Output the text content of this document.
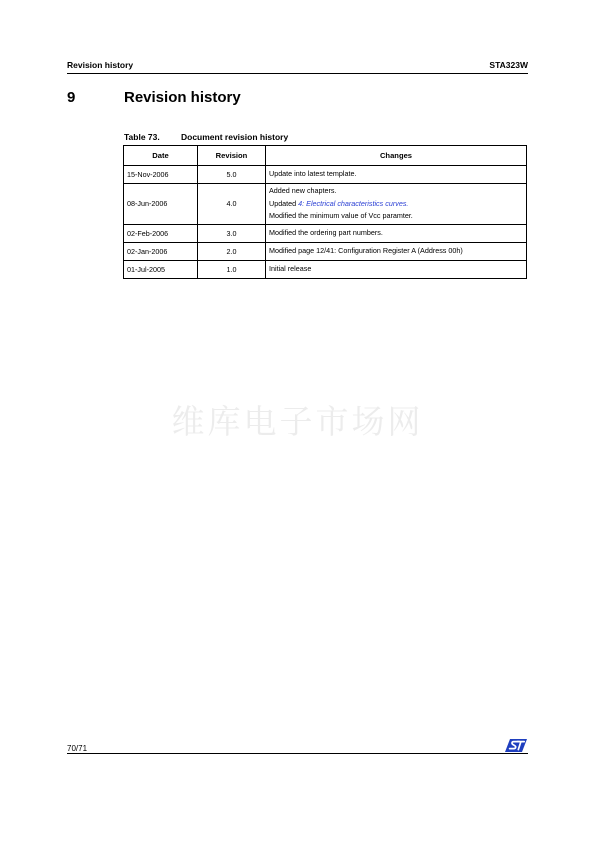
Revision history	STA323W
9	Revision history
Table 73.	Document revision history
Date	Revision	Changes
15-Nov-2006	5.0	Update into latest template.
08-Jun-2006	4.0	Added new chapters.
Updated 4: Electrical characteristics curves.
Modified the minimum value of Vcc paramter.

02-Feb-2006	3.0	Modified the ordering part numbers.
02-Jan-2006	2.0	Modified page 12/41: Configuration Register A (Address 00h)
01-Jul-2005	1.0	Initial release
维库电子市场网
70/71
